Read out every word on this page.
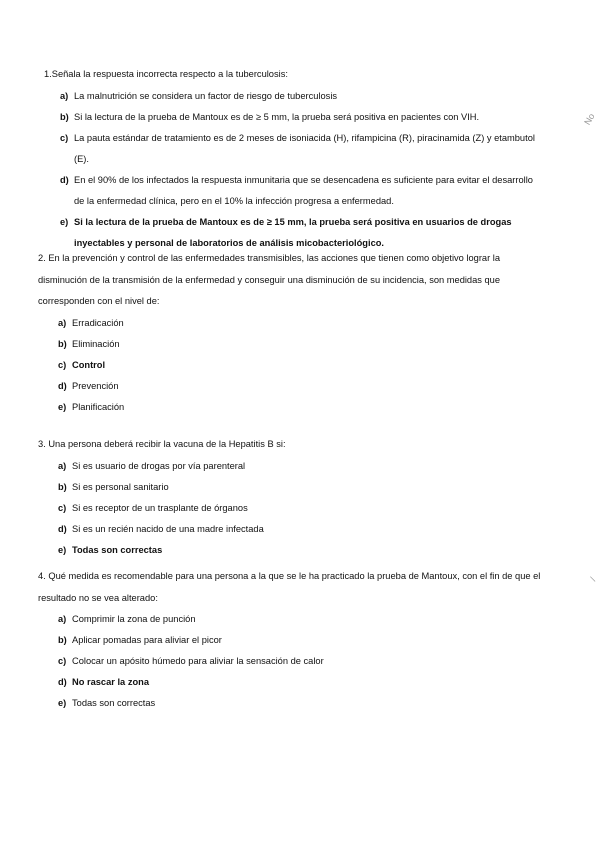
1.Señala la respuesta incorrecta respecto a la tuberculosis:
a) La malnutrición se considera un factor de riesgo de tuberculosis
b) Si la lectura de la prueba de Mantoux es de ≥ 5 mm, la prueba será positiva en pacientes con VIH.
c) La pauta estándar de tratamiento es de 2 meses de isoniacida (H), rifampicina (R), piracinamida (Z) y etambutol (E).
d) En el 90% de los infectados la respuesta inmunitaria que se desencadena es suficiente para evitar el desarrollo de la enfermedad clínica, pero en el 10% la infección progresa a enfermedad.
e) Si la lectura de la prueba de Mantoux es de ≥ 15 mm, la prueba será positiva en usuarios de drogas inyectables y personal de laboratorios de análisis micobacteriológico.
2. En la prevención y control de las enfermedades transmisibles, las acciones que tienen como objetivo lograr la disminución de la transmisión de la enfermedad y conseguir una disminución de su incidencia, son medidas que corresponden con el nivel de:
a) Erradicación
b) Eliminación
c) Control
d) Prevención
e) Planificación
3. Una persona deberá recibir la vacuna de la Hepatitis B si:
a) Si es usuario de drogas por vía parenteral
b) Si es personal sanitario
c) Si es receptor de un trasplante de órganos
d) Si es un recién nacido de una madre infectada
e) Todas son correctas
4. Qué medida es recomendable para una persona a la que se le ha practicado la prueba de Mantoux, con el fin de que el resultado no se vea alterado:
a) Comprimir la zona de punción
b) Aplicar pomadas para aliviar el picor
c) Colocar un apósito húmedo para aliviar la sensación de calor
d) No rascar la zona
e) Todas son correctas
No
/
